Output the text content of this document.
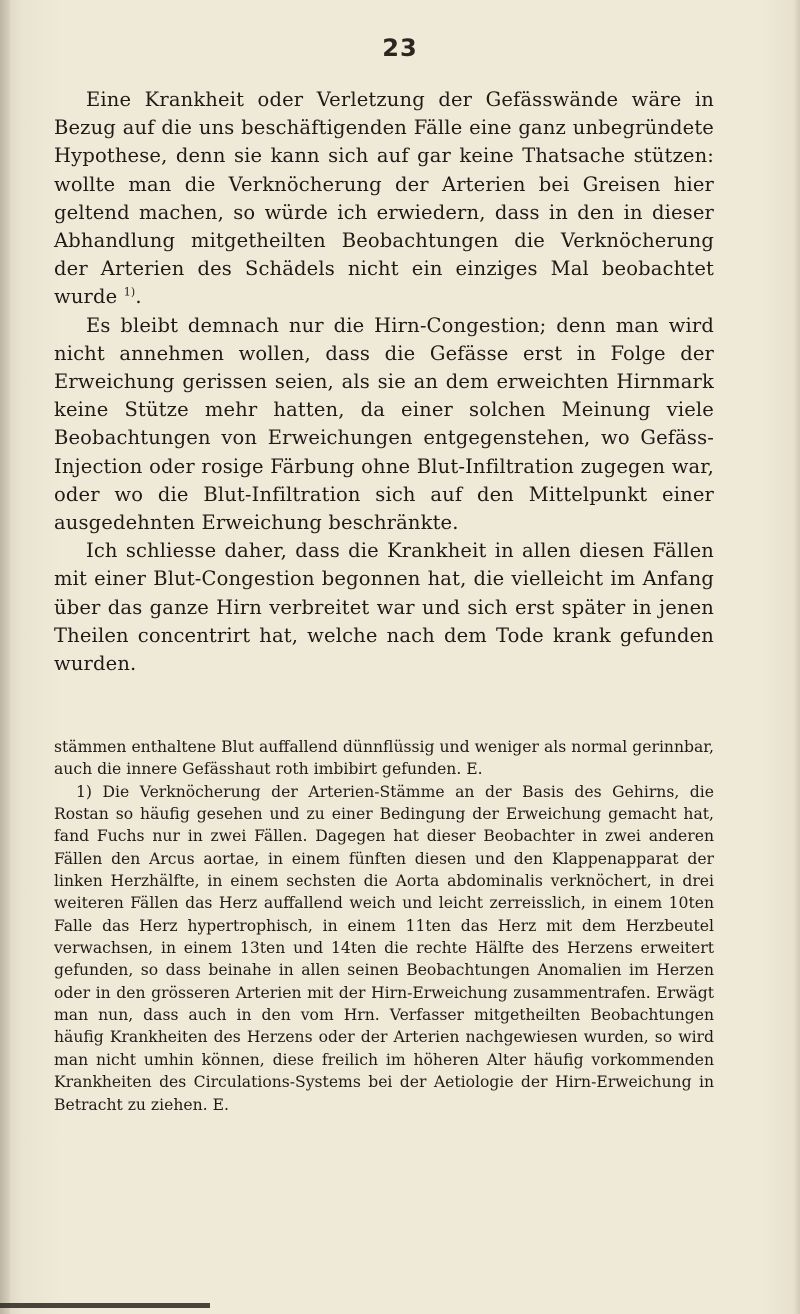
23

Eine Krankheit oder Verletzung der Gefässwände wäre in Bezug auf die uns beschäftigenden Fälle eine ganz unbegründete Hypothese, denn sie kann sich auf gar keine Thatsache stützen: wollte man die Verknöcherung der Arterien bei Greisen hier geltend machen, so würde ich erwiedern, dass in den in dieser Abhandlung mitgetheilten Beobachtungen die Verknöcherung der Arterien des Schädels nicht ein einziges Mal beobachtet wurde $^{1)}$.

Es bleibt demnach nur die Hirn-Congestion; denn man wird nicht annehmen wollen, dass die Gefässe erst in Folge der Erweichung gerissen seien, als sie an dem erweichten Hirnmark keine Stütze mehr hatten, da einer solchen Meinung viele Beobachtungen von Erweichungen entgegenstehen, wo Gefäss-Injection oder rosige Färbung ohne Blut-Infiltration zugegen war, oder wo die Blut-Infiltration sich auf den Mittelpunkt einer ausgedehnten Erweichung beschränkte.

Ich schliesse daher, dass die Krankheit in allen diesen Fällen mit einer Blut-Congestion begonnen hat, die vielleicht im Anfang über das ganze Hirn verbreitet war und sich erst später in jenen Theilen concentrirt hat, welche nach dem Tode krank gefunden wurden.

stämmen enthaltene Blut auffallend dünnflüssig und weniger als normal gerinnbar, auch die innere Gefässhaut roth imbibirt gefunden. E.

1) Die Verknöcherung der Arterien-Stämme an der Basis des Gehirns, die Rostan so häufig gesehen und zu einer Bedingung der Erweichung gemacht hat, fand Fuchs nur in zwei Fällen. Dagegen hat dieser Beobachter in zwei anderen Fällen den Arcus aortae, in einem fünften diesen und den Klappenapparat der linken Herzhälfte, in einem sechsten die Aorta abdominalis verknöchert, in drei weiteren Fällen das Herz auffallend weich und leicht zerreisslich, in einem 10ten Falle das Herz hypertrophisch, in einem 11ten das Herz mit dem Herzbeutel verwachsen, in einem 13ten und 14ten die rechte Hälfte des Herzens erweitert gefunden, so dass beinahe in allen seinen Beobachtungen Anomalien im Herzen oder in den grösseren Arterien mit der Hirn-Erweichung zusammentrafen. Erwägt man nun, dass auch in den vom Hrn. Verfasser mitgetheilten Beobachtungen häufig Krankheiten des Herzens oder der Arterien nachgewiesen wurden, so wird man nicht umhin können, diese freilich im höheren Alter häufig vorkommenden Krankheiten des Circulations-Systems bei der Aetiologie der Hirn-Erweichung in Betracht zu ziehen. E.
